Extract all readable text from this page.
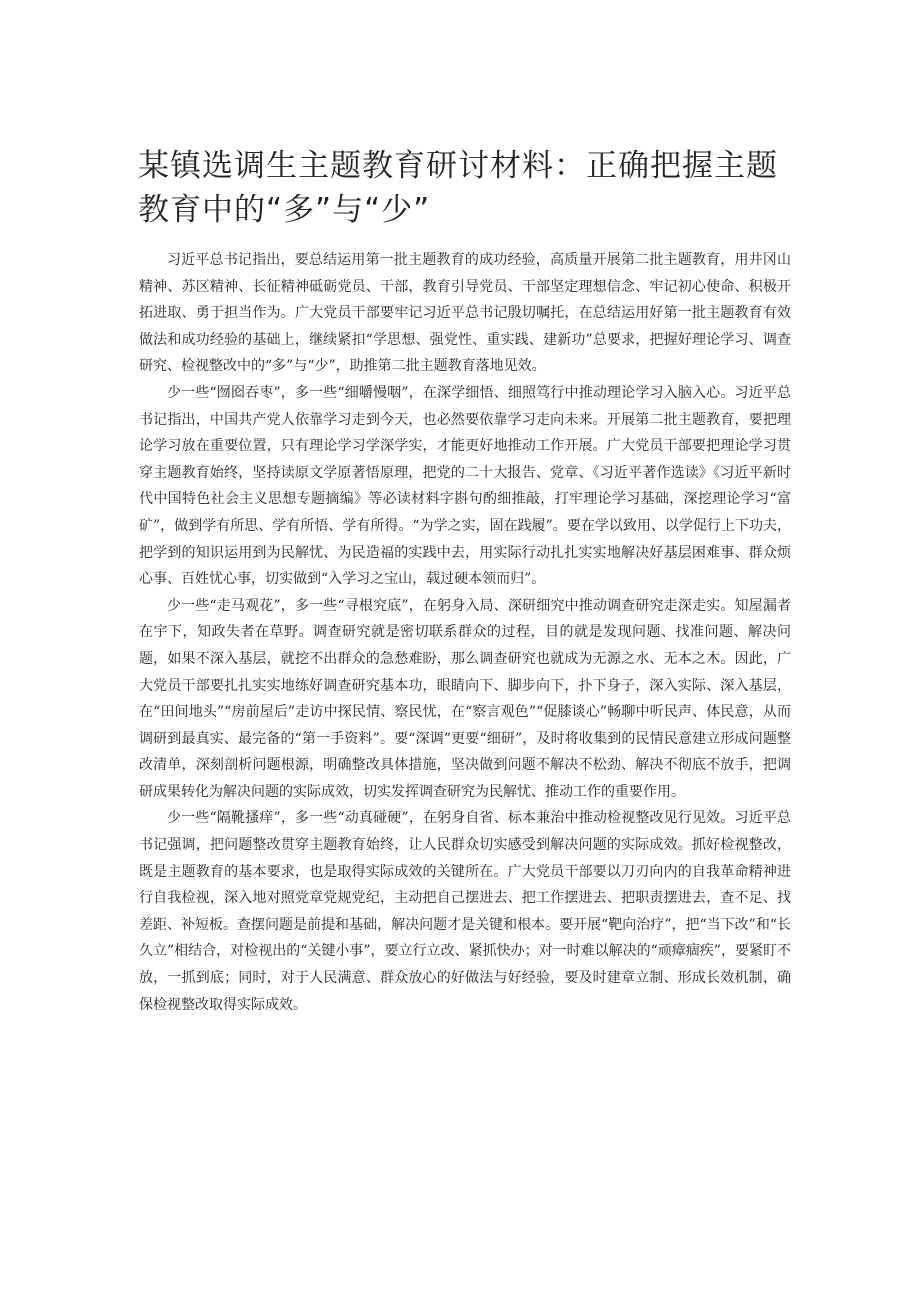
某镇选调生主题教育研讨材料：正确把握主题教育中的“多”与“少”

习近平总书记指出，要总结运用第一批主题教育的成功经验，高质量开展第二批主题教育，用井冈山精神、苏区精神、长征精神砥砺党员、干部，教育引导党员、干部坚定理想信念、牢记初心使命、积极开拓进取、勇于担当作为。广大党员干部要牢记习近平总书记殷切嘱托，在总结运用好第一批主题教育有效做法和成功经验的基础上，继续紧扣“学思想、强党性、重实践、建新功”总要求，把握好理论学习、调查研究、检视整改中的“多”与“少”，助推第二批主题教育落地见效。

少一些“囫囵吞枣”，多一些“细嚼慢咽”，在深学细悟、细照笃行中推动理论学习入脑入心。习近平总书记指出，中国共产党人依靠学习走到今天，也必然要依靠学习走向未来。开展第二批主题教育，要把理论学习放在重要位置，只有理论学习学深学实，才能更好地推动工作开展。广大党员干部要把理论学习贯穿主题教育始终，坚持读原文学原著悟原理，把党的二十大报告、党章、《习近平著作选读》《习近平新时代中国特色社会主义思想专题摘编》等必读材料字斟句酌细推敲，打牢理论学习基础，深挖理论学习“富矿”，做到学有所思、学有所悟、学有所得。“为学之实，固在践履”。要在学以致用、以学促行上下功夫，把学到的知识运用到为民解忧、为民造福的实践中去，用实际行动扎扎实实地解决好基层困难事、群众烦心事、百姓忧心事，切实做到“入学习之宝山，载过硬本领而归”。

少一些“走马观花”，多一些“寻根究底”，在躬身入局、深研细究中推动调查研究走深走实。知屋漏者在宇下，知政失者在草野。调查研究就是密切联系群众的过程，目的就是发现问题、找准问题、解决问题，如果不深入基层，就挖不出群众的急愁难盼，那么调查研究也就成为无源之水、无本之木。因此，广大党员干部要扎扎实实地练好调查研究基本功，眼睛向下、脚步向下，扑下身子，深入实际、深入基层，在“田间地头”“房前屋后”走访中探民情、察民忧，在“察言观色”“促膝谈心”畅聊中听民声、体民意，从而调研到最真实、最完备的“第一手资料”。要“深调”更要“细研”，及时将收集到的民情民意建立形成问题整改清单，深刻剖析问题根源，明确整改具体措施，坚决做到问题不解决不松劲、解决不彻底不放手，把调研成果转化为解决问题的实际成效，切实发挥调查研究为民解忧、推动工作的重要作用。

少一些“隔靴搔痒”，多一些“动真碰硬”，在躬身自省、标本兼治中推动检视整改见行见效。习近平总书记强调，把问题整改贯穿主题教育始终，让人民群众切实感受到解决问题的实际成效。抓好检视整改，既是主题教育的基本要求，也是取得实际成效的关键所在。广大党员干部要以刀刃向内的自我革命精神进行自我检视，深入地对照党章党规党纪，主动把自己摆进去、把工作摆进去、把职责摆进去，查不足、找差距、补短板。查摆问题是前提和基础，解决问题才是关键和根本。要开展“靶向治疗”，把“当下改”和“长久立”相结合，对检视出的“关键小事”，要立行立改、紧抓快办；对一时难以解决的“顽瘴痼疾”，要紧盯不放，一抓到底；同时，对于人民满意、群众放心的好做法与好经验，要及时建章立制、形成长效机制，确保检视整改取得实际成效。
